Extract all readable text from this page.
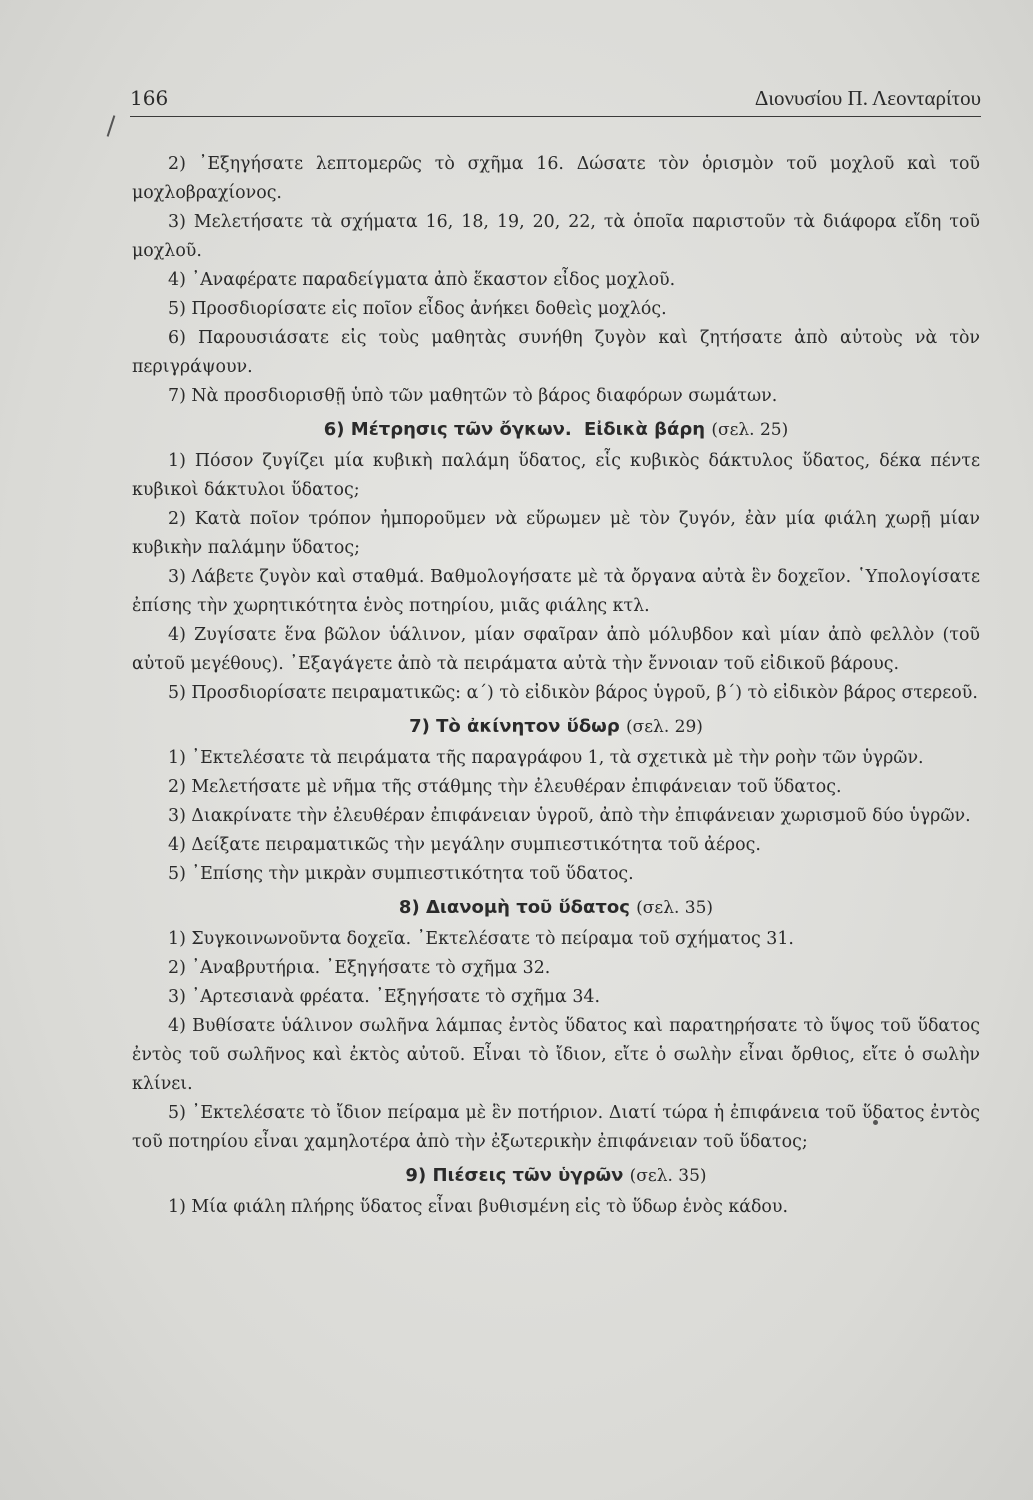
166	Διονυσίου Π. Λεονταρίτου

2) ᾿Εξηγήσατε λεπτομερῶς τὸ σχῆμα 16. Δώσατε τὸν ὁρισμὸν τοῦ μοχλοῦ καὶ τοῦ μοχλοβραχίονος.

3) Μελετήσατε τὰ σχήματα 16, 18, 19, 20, 22, τὰ ὁποῖα παριστοῦν τὰ διάφορα εἴδη τοῦ μοχλοῦ.

4) ᾿Αναφέρατε παραδείγματα ἀπὸ ἕκαστον εἶδος μοχλοῦ.

5) Προσδιορίσατε εἰς ποῖον εἶδος ἀνήκει δοθεὶς μοχλός.

6) Παρουσιάσατε εἰς τοὺς μαθητὰς συνήθη ζυγὸν καὶ ζητήσατε ἀπὸ αὐτοὺς νὰ τὸν περιγράψουν.

7) Νὰ προσδιορισθῇ ὑπὸ τῶν μαθητῶν τὸ βάρος διαφόρων σωμάτων.

6) Μέτρησις τῶν ὄγκων. Εἰδικὰ βάρη (σελ. 25)

1) Πόσον ζυγίζει μία κυβικὴ παλάμη ὕδατος, εἷς κυβικὸς δάκτυλος ὕδατος, δέκα πέντε κυβικοὶ δάκτυλοι ὕδατος;

2) Κατὰ ποῖον τρόπον ἠμποροῦμεν νὰ εὕρωμεν μὲ τὸν ζυγόν, ἐὰν μία φιάλη χωρῇ μίαν κυβικὴν παλάμην ὕδατος;

3) Λάβετε ζυγὸν καὶ σταθμά. Βαθμολογήσατε μὲ τὰ ὄργανα αὐτὰ ἓν δοχεῖον. ῾Υπολογίσατε ἐπίσης τὴν χωρητικότητα ἑνὸς ποτηρίου, μιᾶς φιάλης κτλ.

4) Ζυγίσατε ἕνα βῶλον ὑάλινον, μίαν σφαῖραν ἀπὸ μόλυβδον καὶ μίαν ἀπὸ φελλὸν (τοῦ αὐτοῦ μεγέθους). ᾿Εξαγάγετε ἀπὸ τὰ πειράματα αὐτὰ τὴν ἔννοιαν τοῦ εἰδικοῦ βάρους.

5) Προσδιορίσατε πειραματικῶς: α΄) τὸ εἰδικὸν βάρος ὑγροῦ, β΄) τὸ εἰδικὸν βάρος στερεοῦ.

7) Τὸ ἀκίνητον ὕδωρ (σελ. 29)

1) ᾿Εκτελέσατε τὰ πειράματα τῆς παραγράφου 1, τὰ σχετικὰ μὲ τὴν ροὴν τῶν ὑγρῶν.

2) Μελετήσατε μὲ νῆμα τῆς στάθμης τὴν ἐλευθέραν ἐπιφάνειαν τοῦ ὕδατος.

3) Διακρίνατε τὴν ἐλευθέραν ἐπιφάνειαν ὑγροῦ, ἀπὸ τὴν ἐπιφάνειαν χωρισμοῦ δύο ὑγρῶν.

4) Δείξατε πειραματικῶς τὴν μεγάλην συμπιεστικότητα τοῦ ἀέρος.

5) ᾿Επίσης τὴν μικρὰν συμπιεστικότητα τοῦ ὕδατος.

8) Διανομὴ τοῦ ὕδατος (σελ. 35)

1) Συγκοινωνοῦντα δοχεῖα. ᾿Εκτελέσατε τὸ πείραμα τοῦ σχήματος 31.

2) ᾿Αναβρυτήρια. ᾿Εξηγήσατε τὸ σχῆμα 32.

3) ᾿Αρτεσιανὰ φρέατα. ᾿Εξηγήσατε τὸ σχῆμα 34.

4) Βυθίσατε ὑάλινον σωλῆνα λάμπας ἐντὸς ὕδατος καὶ παρατηρήσατε τὸ ὕψος τοῦ ὕδατος ἐντὸς τοῦ σωλῆνος καὶ ἐκτὸς αὐτοῦ. Εἶναι τὸ ἴδιον, εἴτε ὁ σωλὴν εἶναι ὄρθιος, εἴτε ὁ σωλὴν κλίνει.

5) ᾿Εκτελέσατε τὸ ἴδιον πείραμα μὲ ἓν ποτήριον. Διατί τώρα ἡ ἐπιφάνεια τοῦ ὕδατος ἐντὸς τοῦ ποτηρίου εἶναι χαμηλοτέρα ἀπὸ τὴν ἐξωτερικὴν ἐπιφάνειαν τοῦ ὕδατος;

9) Πιέσεις τῶν ὑγρῶν (σελ. 35)

1) Μία φιάλη πλήρης ὕδατος εἶναι βυθισμένη εἰς τὸ ὕδωρ ἑνὸς κάδου.
